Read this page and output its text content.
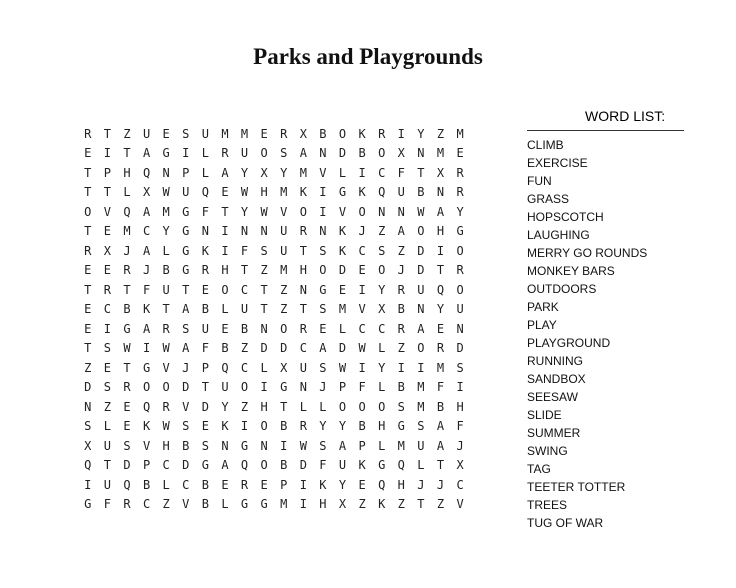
Parks and Playgrounds
R	T	Z	U	E	S	U	M	M	E	R	X	B	O	K	R	I	Y	Z	M
E	I	T	A	G	I	L	R	U	O	S	A	N	D	B	O	X	N	M	E
T	P	H	Q	N	P	L	A	Y	X	Y	M	V	L	I	C	F	T	X	R
T	T	L	X	W	U	Q	E	W	H	M	K	I	G	K	Q	U	B	N	R
O	V	Q	A	M	G	F	T	Y	W	V	O	I	V	O	N	N	W	A	Y
T	E	M	C	Y	G	N	I	N	N	U	R	N	K	J	Z	A	O	H	G
R	X	J	A	L	G	K	I	F	S	U	T	S	K	C	S	Z	D	I	O
E	E	R	J	B	G	R	H	T	Z	M	H	O	D	E	O	J	D	T	R
T	R	T	F	U	T	E	O	C	T	Z	N	G	E	I	Y	R	U	Q	O
E	C	B	K	T	A	B	L	U	T	Z	T	S	M	V	X	B	N	Y	U
E	I	G	A	R	S	U	E	B	N	O	R	E	L	C	C	R	A	E	N
T	S	W	I	W	A	F	B	Z	D	D	C	A	D	W	L	Z	O	R	D
Z	E	T	G	V	J	P	Q	C	L	X	U	S	W	I	Y	I	I	M	S
D	S	R	O	O	D	T	U	O	I	G	N	J	P	F	L	B	M	F	I
N	Z	E	Q	R	V	D	Y	Z	H	T	L	L	O	O	O	S	M	B	H
S	L	E	K	W	S	E	K	I	O	B	R	Y	Y	B	H	G	S	A	F
X	U	S	V	H	B	S	N	G	N	I	W	S	A	P	L	M	U	A	J
Q	T	D	P	C	D	G	A	Q	O	B	D	F	U	K	G	Q	L	T	X
I	U	Q	B	L	C	B	E	R	E	P	I	K	Y	E	Q	H	J	J	C
G	F	R	C	Z	V	B	L	G	G	M	I	H	X	Z	K	Z	T	Z	V
WORD LIST:
CLIMB
EXERCISE
FUN
GRASS
HOPSCOTCH
LAUGHING
MERRY GO ROUNDS
MONKEY BARS
OUTDOORS
PARK
PLAY
PLAYGROUND
RUNNING
SANDBOX
SEESAW
SLIDE
SUMMER
SWING
TAG
TEETER TOTTER
TREES
TUG OF WAR
